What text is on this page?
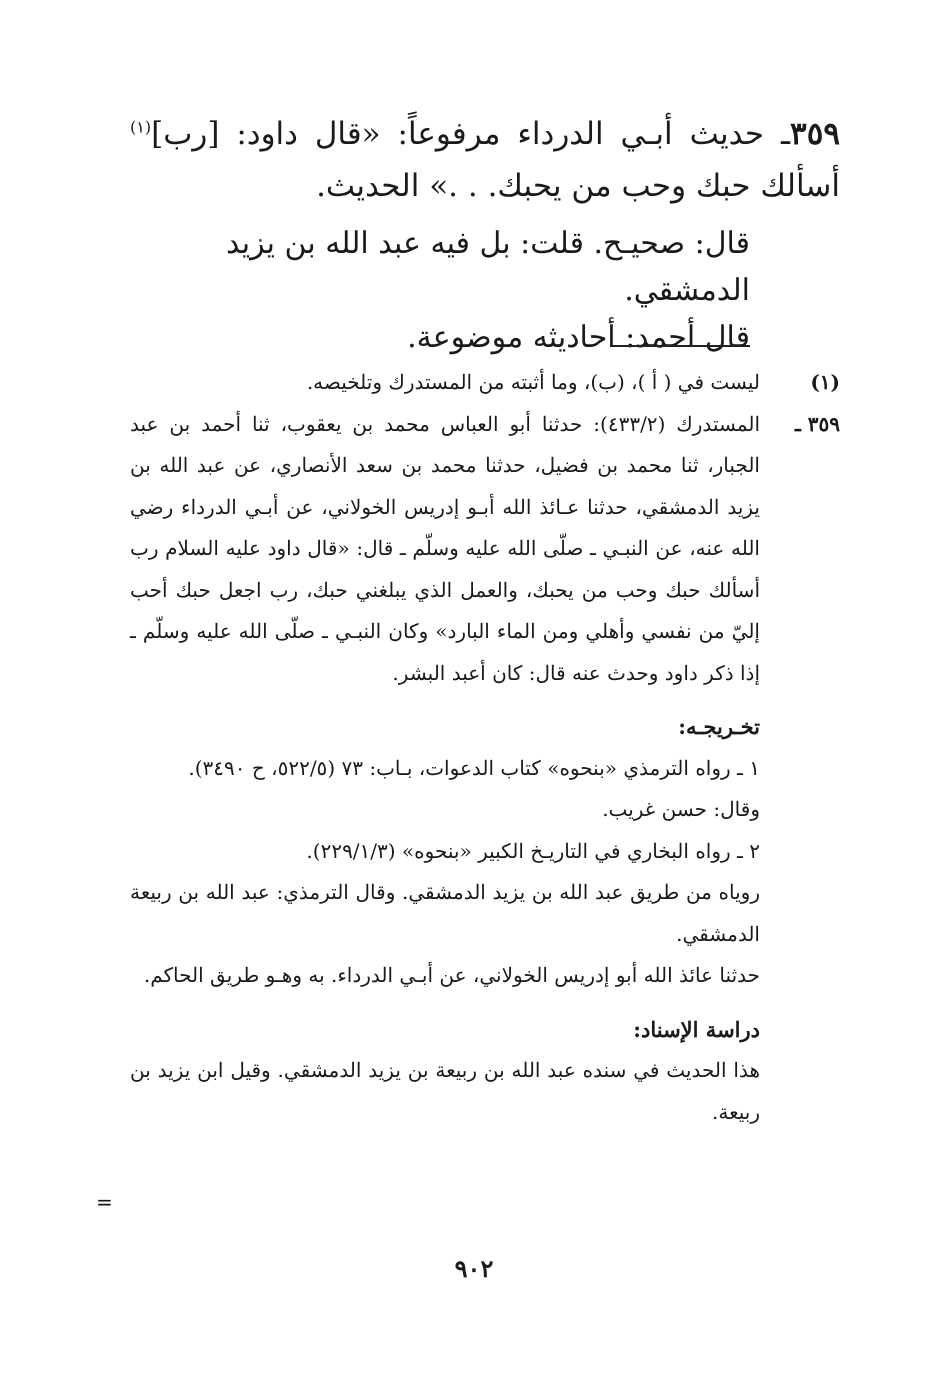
٣٥٩ـ حديث أبـي الدرداء مرفوعاً: «قال داود: [رب]$^{(١)}$ أسألك حبك وحب من يحبك. . .» الحديث.
قال: صحيـح. قلت: بل فيه عبد الله بن يزيد الدمشقي.
قال أحمد: أحاديثه موضوعة.
(١)
ليست في ( أ )، (ب)، وما أثبته من المستدرك وتلخيصه.
٣٥٩ ـ
المستدرك (٤٣٣/٢): حدثنا أبو العباس محمد بن يعقوب، ثنا أحمد بن عبد الجبار، ثنا محمد بن فضيل، حدثنا محمد بن سعد الأنصاري، عن عبد الله بن يزيد الدمشقي، حدثنا عـائذ الله أبـو إدريس الخولاني، عن أبـي الدرداء رضي الله عنه، عن النبـي ـ صلّى الله عليه وسلّم ـ قال: «قال داود عليه السلام رب أسألك حبك وحب من يحبك، والعمل الذي يبلغني حبك، رب اجعل حبك أحب إليّ من نفسي وأهلي ومن الماء البارد» وكان النبـي ـ صلّى الله عليه وسلّم ـ إذا ذكر داود وحدث عنه قال: كان أعبد البشر.
تخـريجـه:

١ ـ رواه الترمذي «بنحوه» كتاب الدعوات، بـاب: ٧٣ (٥٢٢/٥، ح ٣٤٩٠).

وقال: حسن غريب.

٢ ـ رواه البخاري في التاريـخ الكبير «بنحوه» (٢٢٩/١/٣).

روياه من طريق عبد الله بن يزيد الدمشقي. وقال الترمذي: عبد الله بن ربيعة الدمشقي.

حدثنا عائذ الله أبو إدريس الخولاني، عن أبـي الدرداء. به وهـو طريق الحاكم.

دراسة الإسناد:
هذا الحديث في سنده عبد الله بن ربيعة بن يزيد الدمشقي. وقيل ابن يزيد بن ربيعة.
=
٩٠٢
